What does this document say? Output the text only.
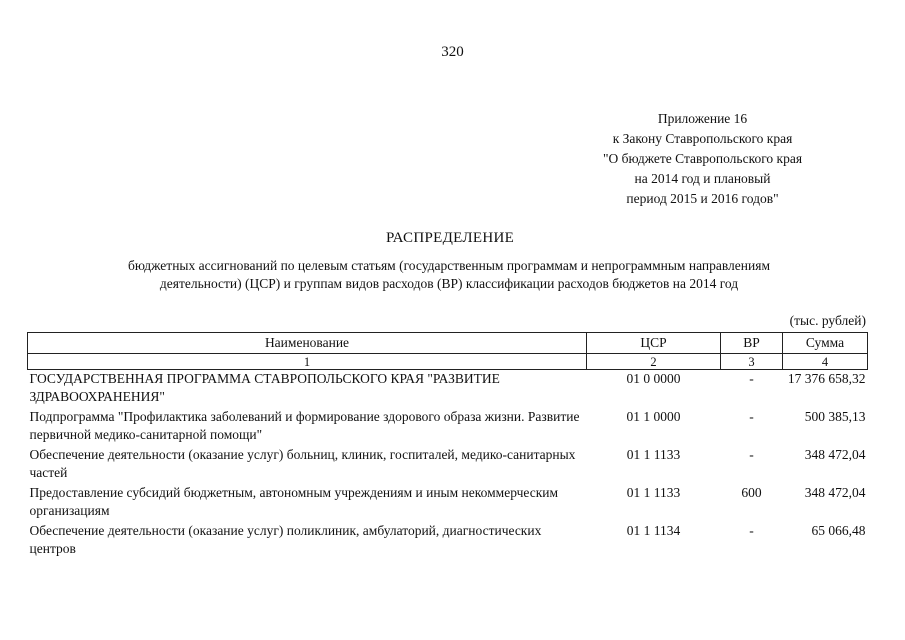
320
Приложение 16
к Закону Ставропольского края
"О бюджете Ставропольского края
на 2014 год и плановый
период 2015 и 2016 годов"
РАСПРЕДЕЛЕНИЕ
бюджетных ассигнований по целевым статьям (государственным программам и непрограммным направлениям
деятельности) (ЦСР) и группам видов расходов (ВР) классификации расходов бюджетов на 2014 год
(тыс. рублей)
Наименование	ЦСР	ВР	Сумма
1	2	3	4
ГОСУДАРСТВЕННАЯ ПРОГРАММА СТАВРОПОЛЬСКОГО КРАЯ "РАЗВИТИЕ ЗДРАВООХРАНЕНИЯ"	01 0 0000	-	17 376 658,32
Подпрограмма "Профилактика заболеваний и формирование здорового образа жизни. Развитие первичной медико-санитарной помощи"	01 1 0000	-	500 385,13
Обеспечение деятельности (оказание услуг) больниц, клиник, госпиталей, медико-санитарных частей	01 1 1133	-	348 472,04
Предоставление субсидий бюджетным, автономным учреждениям и иным некоммерческим организациям	01 1 1133	600	348 472,04
Обеспечение деятельности (оказание услуг) поликлиник, амбулаторий, диагностических центров	01 1 1134	-	65 066,48
